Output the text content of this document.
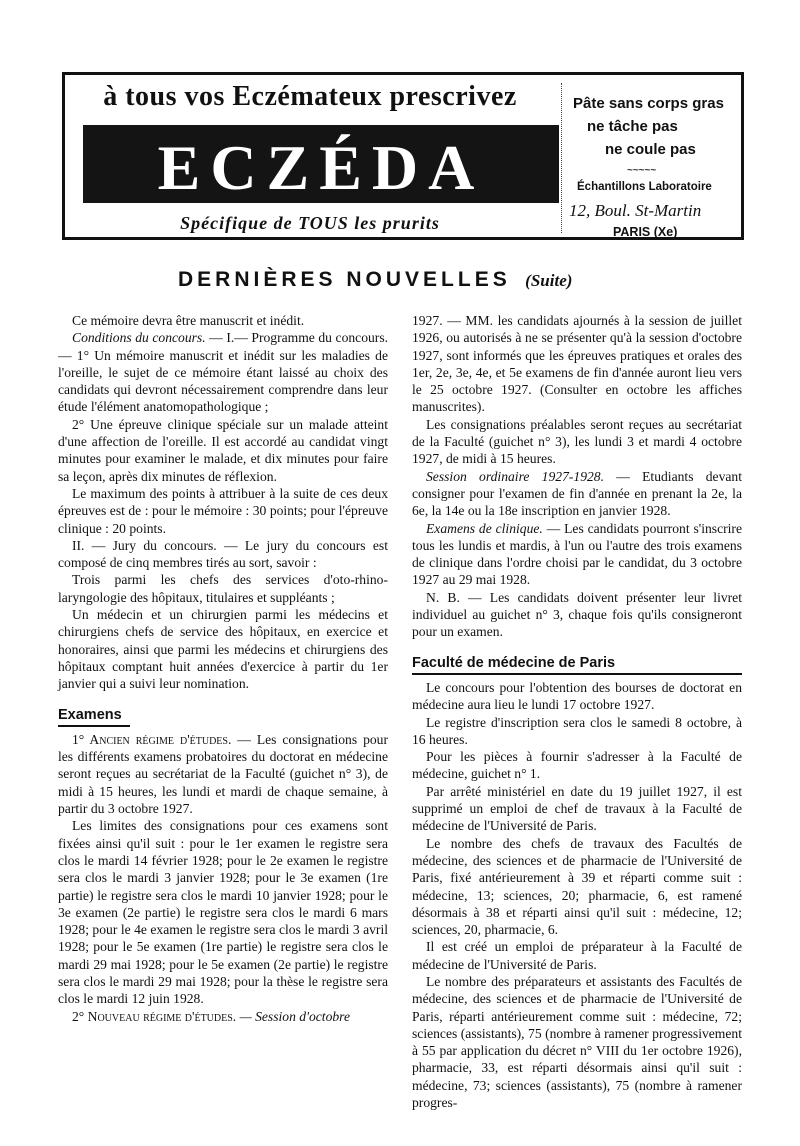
à tous vos Eczémateux prescrivez
ECZÉDA
Spécifique de TOUS les prurits
Pâte sans corps gras
ne tâche pas
ne coule pas
~~~~~
Échantillons Laboratoire
12, Boul. St-Martin
PARIS (Xe)
DERNIÈRES NOUVELLES (Suite)

Ce mémoire devra être manuscrit et inédit.

Conditions du concours. — I.— Programme du concours. — 1° Un mémoire manuscrit et inédit sur les maladies de l'oreille, le sujet de ce mémoire étant laissé au choix des candidats qui devront nécessairement comprendre dans leur étude l'élément anatomopathologique ;

2° Une épreuve clinique spéciale sur un malade atteint d'une affection de l'oreille. Il est accordé au candidat vingt minutes pour examiner le malade, et dix minutes pour faire sa leçon, après dix minutes de réflexion.

Le maximum des points à attribuer à la suite de ces deux épreuves est de : pour le mémoire : 30 points; pour l'épreuve clinique : 20 points.

II. — Jury du concours. — Le jury du concours est composé de cinq membres tirés au sort, savoir :

Trois parmi les chefs des services d'oto-rhino-laryngologie des hôpitaux, titulaires et suppléants ;

Un médecin et un chirurgien parmi les médecins et chirurgiens chefs de service des hôpitaux, en exercice et honoraires, ainsi que parmi les médecins et chirurgiens des hôpitaux comptant huit années d'exercice à partir du 1er janvier qui a suivi leur nomination.

Examens

1° Ancien régime d'études. — Les consignations pour les différents examens probatoires du doctorat en médecine seront reçues au secrétariat de la Faculté (guichet n° 3), de midi à 15 heures, les lundi et mardi de chaque semaine, à partir du 3 octobre 1927.

Les limites des consignations pour ces examens sont fixées ainsi qu'il suit : pour le 1er examen le registre sera clos le mardi 14 février 1928; pour le 2e examen le registre sera clos le mardi 3 janvier 1928; pour le 3e examen (1re partie) le registre sera clos le mardi 10 janvier 1928; pour le 3e examen (2e partie) le registre sera clos le mardi 6 mars 1928; pour le 4e examen le registre sera clos le mardi 3 avril 1928; pour le 5e examen (1re partie) le registre sera clos le mardi 29 mai 1928; pour le 5e examen (2e partie) le registre sera clos le mardi 29 mai 1928; pour la thèse le registre sera clos le mardi 12 juin 1928.

2° Nouveau régime d'études. — Session d'octobre

1927. — MM. les candidats ajournés à la session de juillet 1926, ou autorisés à ne se présenter qu'à la session d'octobre 1927, sont informés que les épreuves pratiques et orales des 1er, 2e, 3e, 4e, et 5e examens de fin d'année auront lieu vers le 25 octobre 1927. (Consulter en octobre les affiches manuscrites).

Les consignations préalables seront reçues au secrétariat de la Faculté (guichet n° 3), les lundi 3 et mardi 4 octobre 1927, de midi à 15 heures.

Session ordinaire 1927-1928. — Etudiants devant consigner pour l'examen de fin d'année en prenant la 2e, la 6e, la 14e ou la 18e inscription en janvier 1928.

Examens de clinique. — Les candidats pourront s'inscrire tous les lundis et mardis, à l'un ou l'autre des trois examens de clinique dans l'ordre choisi par le candidat, du 3 octobre 1927 au 29 mai 1928.

N. B. — Les candidats doivent présenter leur livret individuel au guichet n° 3, chaque fois qu'ils consigneront pour un examen.

Faculté de médecine de Paris

Le concours pour l'obtention des bourses de doctorat en médecine aura lieu le lundi 17 octobre 1927.

Le registre d'inscription sera clos le samedi 8 octobre, à 16 heures.

Pour les pièces à fournir s'adresser à la Faculté de médecine, guichet n° 1.

Par arrêté ministériel en date du 19 juillet 1927, il est supprimé un emploi de chef de travaux à la Faculté de médecine de l'Université de Paris.

Le nombre des chefs de travaux des Facultés de médecine, des sciences et de pharmacie de l'Université de Paris, fixé antérieurement à 39 et réparti comme suit : médecine, 13; sciences, 20; pharmacie, 6, est ramené désormais à 38 et réparti ainsi qu'il suit : médecine, 12; sciences, 20, pharmacie, 6.

Il est créé un emploi de préparateur à la Faculté de médecine de l'Université de Paris.

Le nombre des préparateurs et assistants des Facultés de médecine, des sciences et de pharmacie de l'Université de Paris, réparti antérieurement comme suit : médecine, 72; sciences (assistants), 75 (nombre à ramener progressivement à 55 par application du décret n° VIII du 1er octobre 1926), pharmacie, 33, est réparti désormais ainsi qu'il suit : médecine, 73; sciences (assistants), 75 (nombre à ramener progres-
